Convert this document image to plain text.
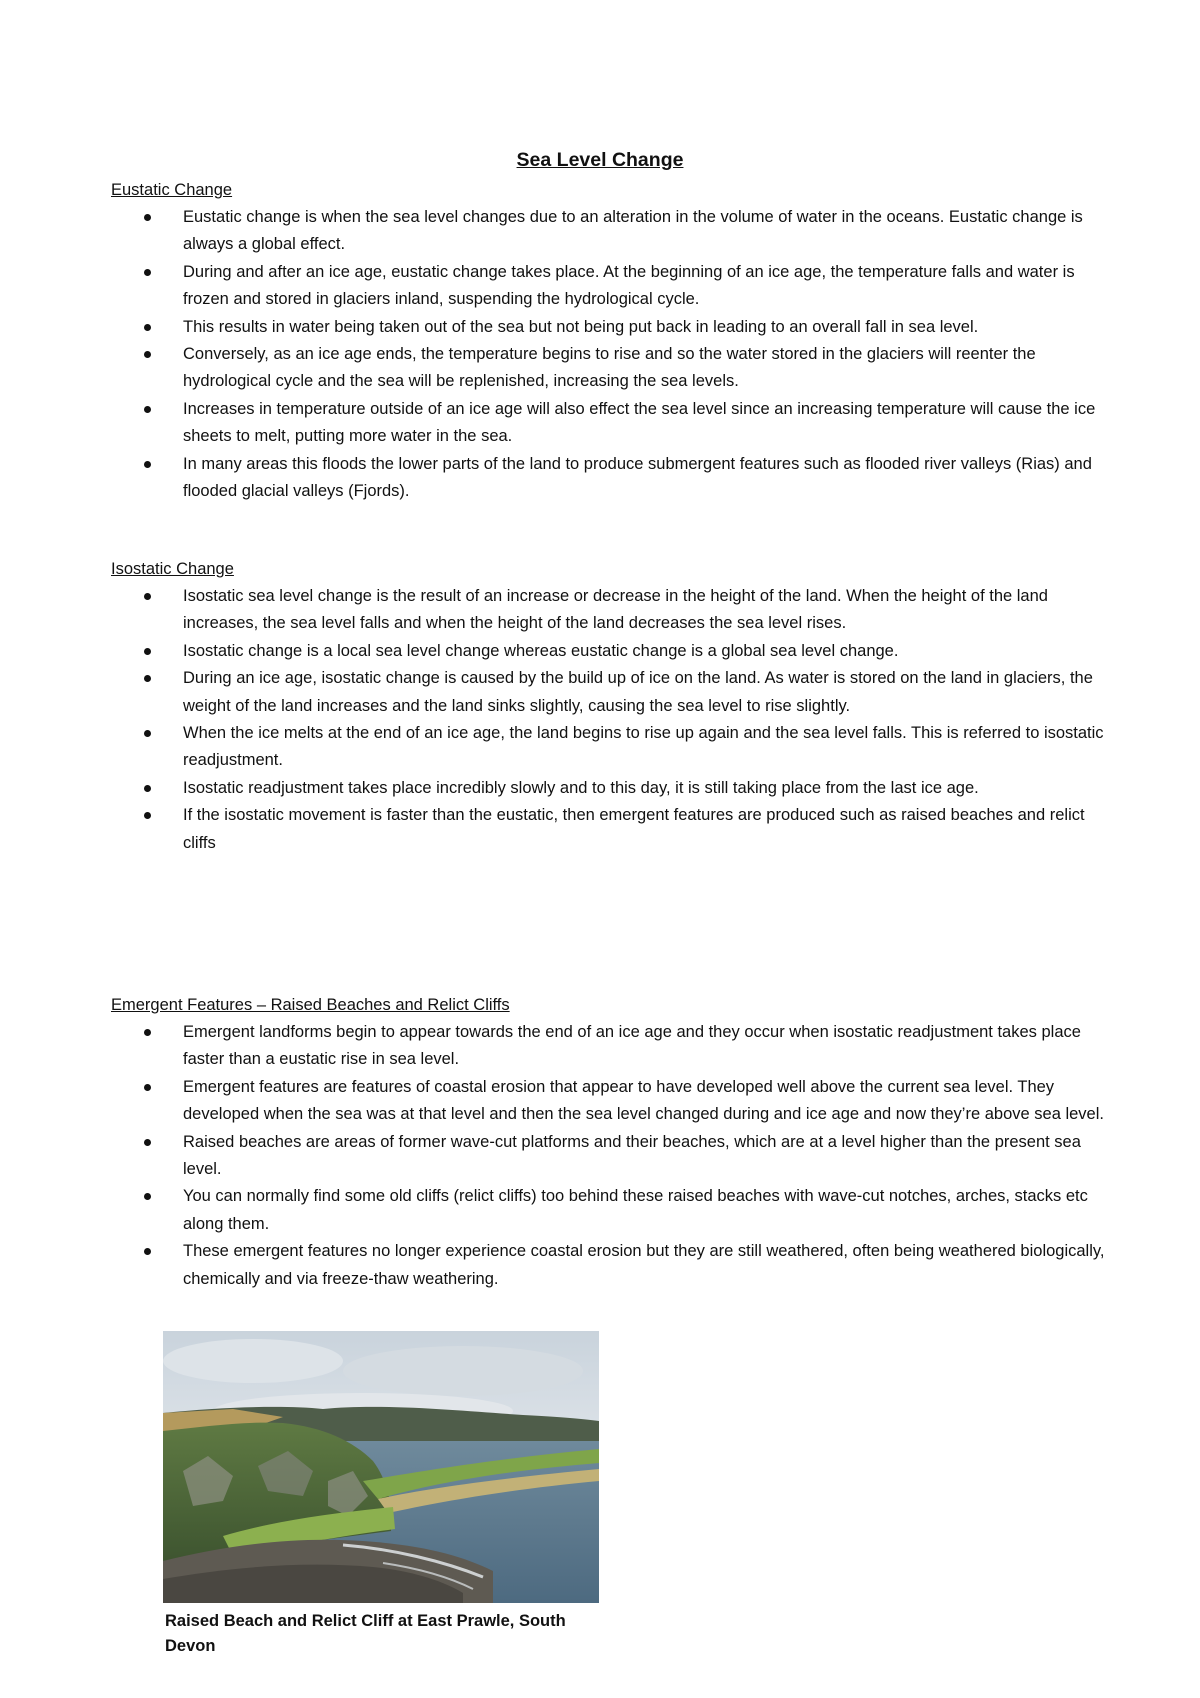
Sea Level Change
Eustatic Change
Eustatic change is when the sea level changes due to an alteration in the volume of water in the oceans. Eustatic change is always a global effect.
During and after an ice age, eustatic change takes place. At the beginning of an ice age, the temperature falls and water is frozen and stored in glaciers inland, suspending the hydrological cycle.
This results in water being taken out of the sea but not being put back in leading to an overall fall in sea level.
Conversely, as an ice age ends, the temperature begins to rise and so the water stored in the glaciers will reenter the hydrological cycle and the sea will be replenished, increasing the sea levels.
Increases in temperature outside of an ice age will also effect the sea level since an increasing temperature will cause the ice sheets to melt, putting more water in the sea.
In many areas this floods the lower parts of the land to produce submergent features such as flooded river valleys (Rias) and flooded glacial valleys (Fjords).
Isostatic Change
Isostatic sea level change is the result of an increase or decrease in the height of the land. When the height of the land increases, the sea level falls and when the height of the land decreases the sea level rises.
Isostatic change is a local sea level change whereas eustatic change is a global sea level change.
During an ice age, isostatic change is caused by the build up of ice on the land. As water is stored on the land in glaciers, the weight of the land increases and the land sinks slightly, causing the sea level to rise slightly.
When the ice melts at the end of an ice age, the land begins to rise up again and the sea level falls. This is referred to isostatic readjustment.
Isostatic readjustment takes place incredibly slowly and to this day, it is still taking place from the last ice age.
If the isostatic movement is faster than the eustatic, then emergent features are produced such as raised beaches and relict cliffs
Emergent Features – Raised Beaches and Relict Cliffs
Emergent landforms begin to appear towards the end of an ice age and they occur when isostatic readjustment takes place faster than a eustatic rise in sea level.
Emergent features are features of coastal erosion that appear to have developed well above the current sea level. They developed when the sea was at that level and then the sea level changed during and ice age and now they’re above sea level.
Raised beaches are areas of former wave-cut platforms and their beaches, which are at a level higher than the present sea level.
You can normally find some old cliffs (relict cliffs) too behind these raised beaches with wave-cut notches, arches, stacks etc along them.
These emergent features no longer experience coastal erosion but they are still weathered, often being weathered biologically, chemically and via freeze-thaw weathering.
Raised Beach and Relict Cliff at East Prawle, South Devon
